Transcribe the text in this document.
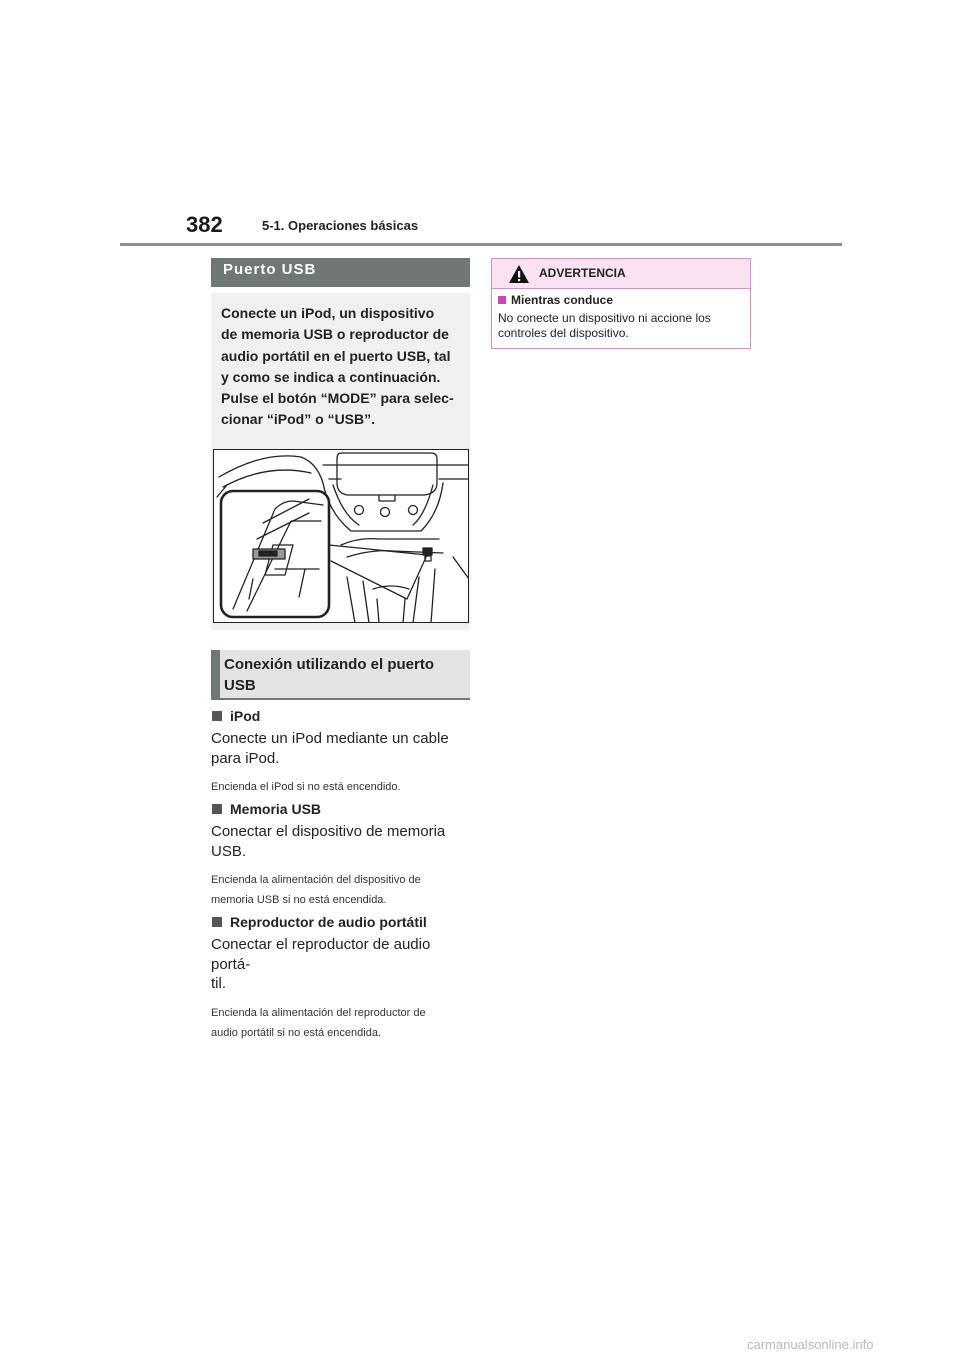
382	5-1. Operaciones básicas
Puerto USB

Conecte un iPod, un dispositivo
de memoria USB o reproductor de
audio portátil en el puerto USB, tal
y como se indica a continuación.
Pulse el botón “MODE” para selec-
cionar “iPod” o “USB”.

Conexión utilizando el puerto
USB
iPod

Conecte un iPod mediante un cable
para iPod.

Encienda el iPod si no está encendido.

Memoria USB

Conectar el dispositivo de memoria
USB.

Encienda la alimentación del dispositivo de
memoria USB si no está encendida.

Reproductor de audio portátil

Conectar el reproductor de audio portá-
til.

Encienda la alimentación del reproductor de
audio portátil si no está encendida.

ADVERTENCIA
Mientras conduce

No conecte un dispositivo ni accione los
controles del dispositivo.

carmanualsonline.info
